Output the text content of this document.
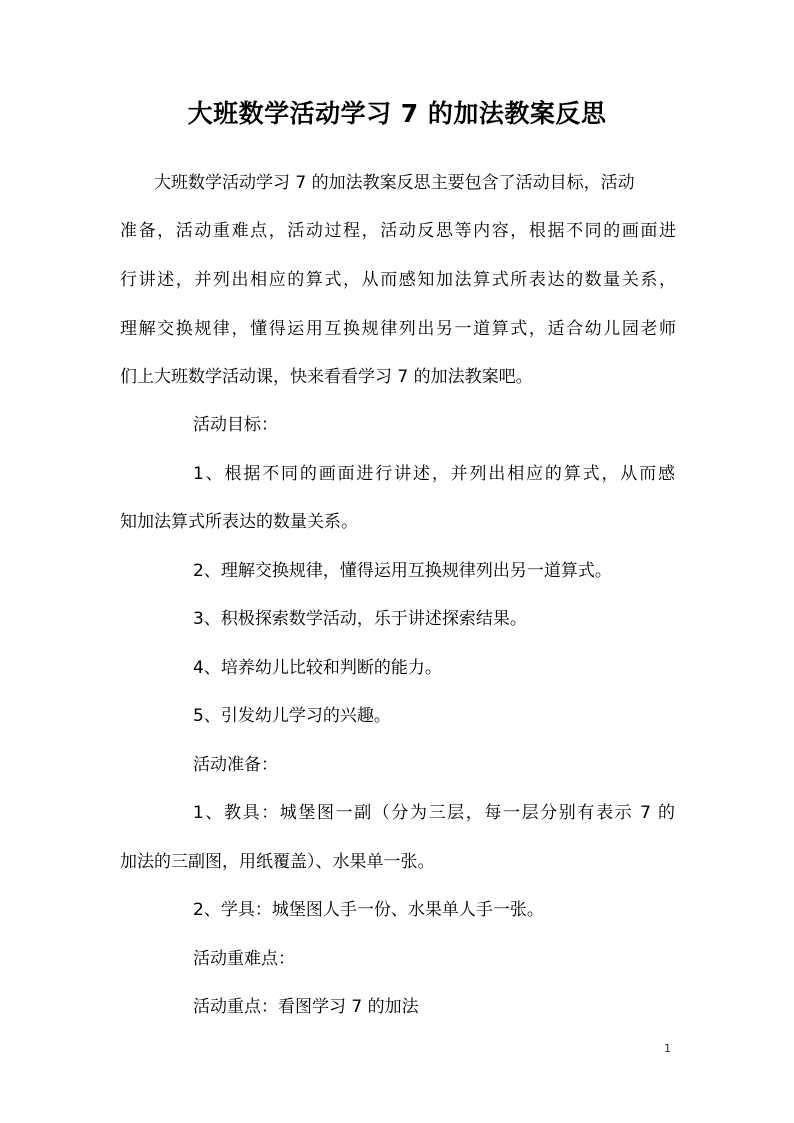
大班数学活动学习 7 的加法教案反思
大班数学活动学习 7 的加法教案反思主要包含了活动目标，活动
准备，活动重难点，活动过程，活动反思等内容，根据不同的画面进
行讲述，并列出相应的算式，从而感知加法算式所表达的数量关系，
理解交换规律，懂得运用互换规律列出另一道算式，适合幼儿园老师
们上大班数学活动课，快来看看学习 7 的加法教案吧。
活动目标：
1、根据不同的画面进行讲述，并列出相应的算式，从而感
知加法算式所表达的数量关系。
2、理解交换规律，懂得运用互换规律列出另一道算式。
3、积极探索数学活动，乐于讲述探索结果。
4、培养幼儿比较和判断的能力。
5、引发幼儿学习的兴趣。
活动准备：
1、教具：城堡图一副（分为三层，每一层分别有表示 7 的
加法的三副图，用纸覆盖）、水果单一张。
2、学具：城堡图人手一份、水果单人手一张。
活动重难点：
活动重点：看图学习 7 的加法
1
